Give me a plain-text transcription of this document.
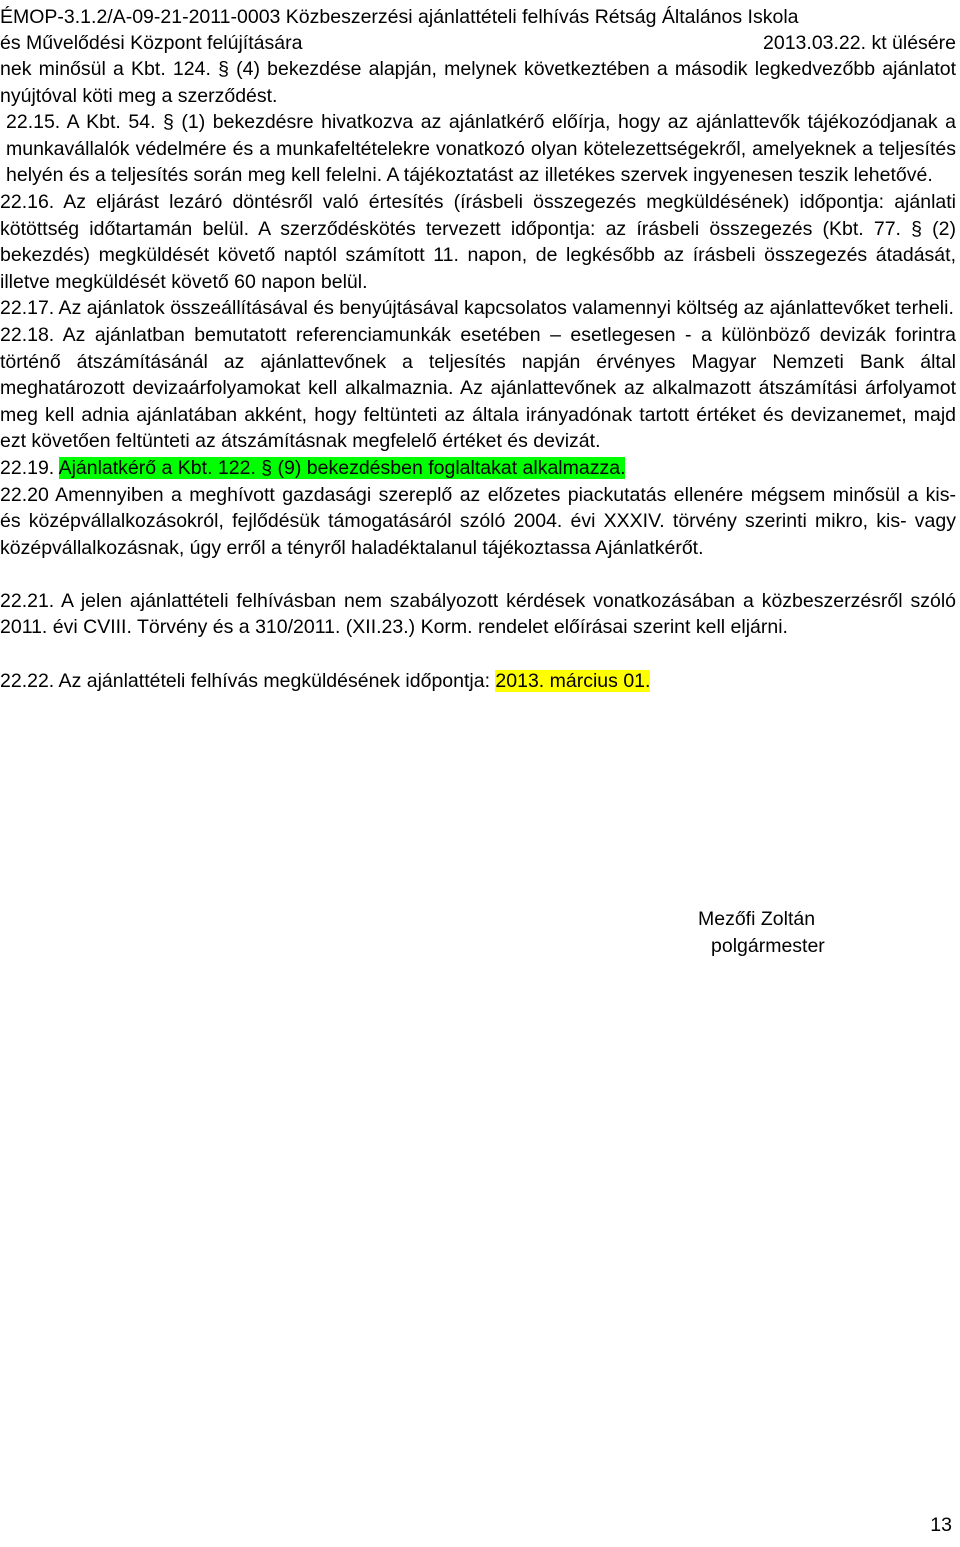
ÉMOP-3.1.2/A-09-21-2011-0003 Közbeszerzési ajánlattételi felhívás Rétság Általános Iskola
és Művelődési Központ felújítására	2013.03.22. kt ülésére

nek minősül a Kbt. 124. § (4) bekezdése alapján, melynek következtében a második legkedvezőbb ajánlatot nyújtóval köti meg a szerződést.

22.15. A Kbt. 54. § (1) bekezdésre hivatkozva az ajánlatkérő előírja, hogy az ajánlattevők tájékozódjanak a munkavállalók védelmére és a munkafeltételekre vonatkozó olyan kötelezettségekről, amelyeknek a teljesítés helyén és a teljesítés során meg kell felelni. A tájékoztatást az illetékes szervek ingyenesen teszik lehetővé.

22.16. Az eljárást lezáró döntésről való értesítés (írásbeli összegezés megküldésének) időpontja: ajánlati kötöttség időtartamán belül. A szerződéskötés tervezett időpontja: az írásbeli összegezés (Kbt. 77. § (2) bekezdés) megküldését követő naptól számított 11. napon, de legkésőbb az írásbeli összegezés átadását, illetve megküldését követő 60 napon belül.

22.17. Az ajánlatok összeállításával és benyújtásával kapcsolatos valamennyi költség az ajánlattevőket terheli.

22.18. Az ajánlatban bemutatott referenciamunkák esetében – esetlegesen - a különböző devizák forintra történő átszámításánál az ajánlattevőnek a teljesítés napján érvényes Magyar Nemzeti Bank által meghatározott devizaárfolyamokat kell alkalmaznia. Az ajánlattevőnek az alkalmazott átszámítási árfolyamot meg kell adnia ajánlatában akként, hogy feltünteti az általa irányadónak tartott értéket és devizanemet, majd ezt követően feltünteti az átszámításnak megfelelő értéket és devizát.

22.19. Ajánlatkérő a Kbt. 122. § (9) bekezdésben foglaltakat alkalmazza.

22.20 Amennyiben a meghívott gazdasági szereplő az előzetes piackutatás ellenére mégsem minősül a kis- és középvállalkozásokról, fejlődésük támogatásáról szóló 2004. évi XXXIV. törvény szerinti mikro, kis- vagy középvállalkozásnak, úgy erről a tényről haladéktalanul tájékoztassa Ajánlatkérőt.

22.21. A jelen ajánlattételi felhívásban nem szabályozott kérdések vonatkozásában a közbeszerzésről szóló 2011. évi CVIII. Törvény és a 310/2011. (XII.23.) Korm. rendelet előírásai szerint kell eljárni.

22.22. Az ajánlattételi felhívás megküldésének időpontja: 2013. március 01.

Mezőfi Zoltán
polgármester
13
